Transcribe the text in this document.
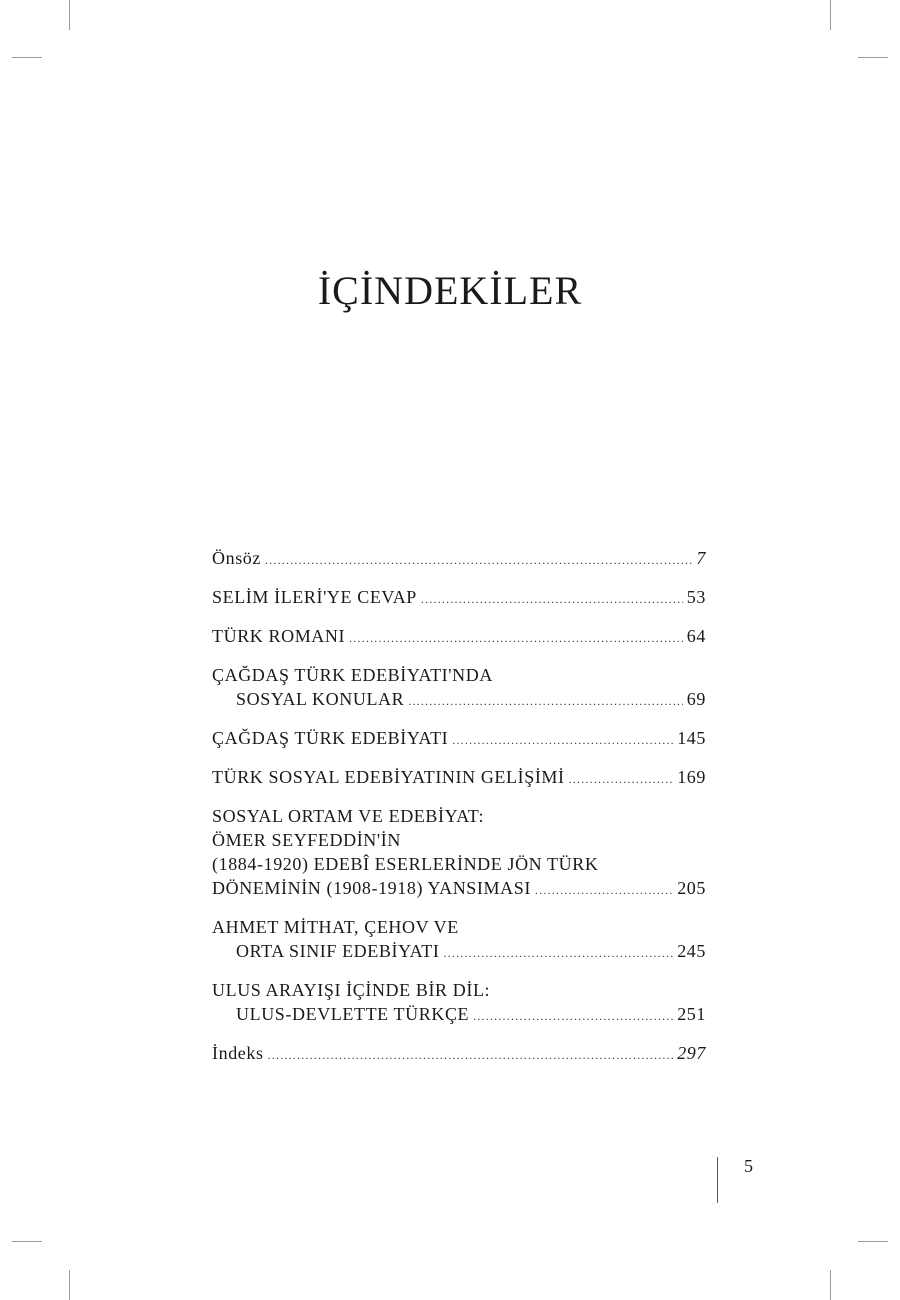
İÇİNDEKİLER
Önsöz .....	7
SELİM İLERİ'YE CEVAP .....	53
TÜRK ROMANI .....	64
ÇAĞDAŞ TÜRK EDEBİYATI'NDA
SOSYAL KONULAR .....	69
ÇAĞDAŞ TÜRK EDEBİYATI .....	145
TÜRK SOSYAL EDEBİYATININ GELİŞİMİ .....	169
SOSYAL ORTAM VE EDEBİYAT:
ÖMER SEYFEDDİN'İN
(1884-1920) EDEBÎ ESERLERİNDE JÖN TÜRK
DÖNEMİNİN (1908-1918) YANSIMASI .....	205
AHMET MİTHAT, ÇEHOV VE
ORTA SINIF EDEBİYATI .....	245
ULUS ARAYIŞI İÇİNDE BİR DİL:
ULUS-DEVLETTE TÜRKÇE .....	251
İndeks .....	297
5
